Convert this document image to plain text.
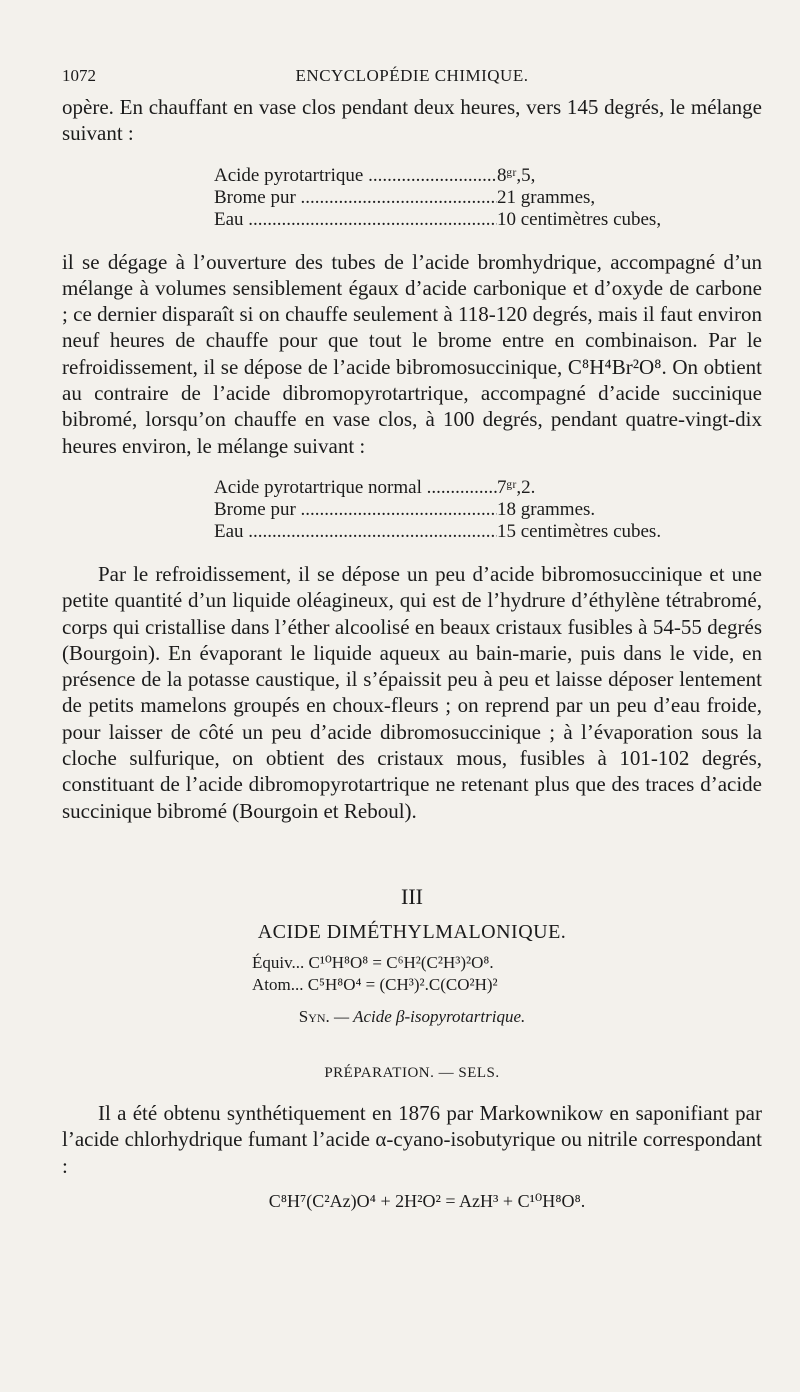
1072	ENCYCLOPÉDIE CHIMIQUE.

opère. En chauffant en vase clos pendant deux heures, vers 145 degrés, le mélange suivant :

Acide pyrotartrique .....	8ᵍʳ,5,
Brome pur .....	21 grammes,
Eau .....	10 centimètres cubes,

il se dégage à l’ouverture des tubes de l’acide bromhydrique, accompagné d’un mélange à volumes sensiblement égaux d’acide carbonique et d’oxyde de carbone ; ce dernier disparaît si on chauffe seulement à 118-120 degrés, mais il faut environ neuf heures de chauffe pour que tout le brome entre en combinaison. Par le refroidissement, il se dépose de l’acide bibromosuccinique, C⁸H⁴Br²O⁸. On obtient au contraire de l’acide dibromopyrotartrique, accompagné d’acide succinique bibromé, lorsqu’on chauffe en vase clos, à 100 degrés, pendant quatre-vingt-dix heures environ, le mélange suivant :

Acide pyrotartrique normal .....	7ᵍʳ,2.
Brome pur .....	18 grammes.
Eau .....	15 centimètres cubes.

Par le refroidissement, il se dépose un peu d’acide bibromosuccinique et une petite quantité d’un liquide oléagineux, qui est de l’hydrure d’éthylène tétrabromé, corps qui cristallise dans l’éther alcoolisé en beaux cristaux fusibles à 54-55 degrés (Bourgoin). En évaporant le liquide aqueux au bain-marie, puis dans le vide, en présence de la potasse caustique, il s’épaissit peu à peu et laisse déposer lentement de petits mamelons groupés en choux-fleurs ; on reprend par un peu d’eau froide, pour laisser de côté un peu d’acide dibromosuccinique ; à l’évaporation sous la cloche sulfurique, on obtient des cristaux mous, fusibles à 101-102 degrés, constituant de l’acide dibromopyrotartrique ne retenant plus que des traces d’acide succinique bibromé (Bourgoin et Reboul).

III
ACIDE DIMÉTHYLMALONIQUE.
Équiv... C¹⁰H⁸O⁸ = C⁶H²(C²H³)²O⁸.
Atom... C⁵H⁸O⁴ = (CH³)².C(CO²H)²
Syn. — Acide β-isopyrotartrique.
PRÉPARATION. — SELS.

Il a été obtenu synthétiquement en 1876 par Markownikow en saponifiant par l’acide chlorhydrique fumant l’acide α-cyano-isobutyrique ou nitrile correspondant :

C⁸H⁷(C²Az)O⁴ + 2H²O² = AzH³ + C¹⁰H⁸O⁸.
